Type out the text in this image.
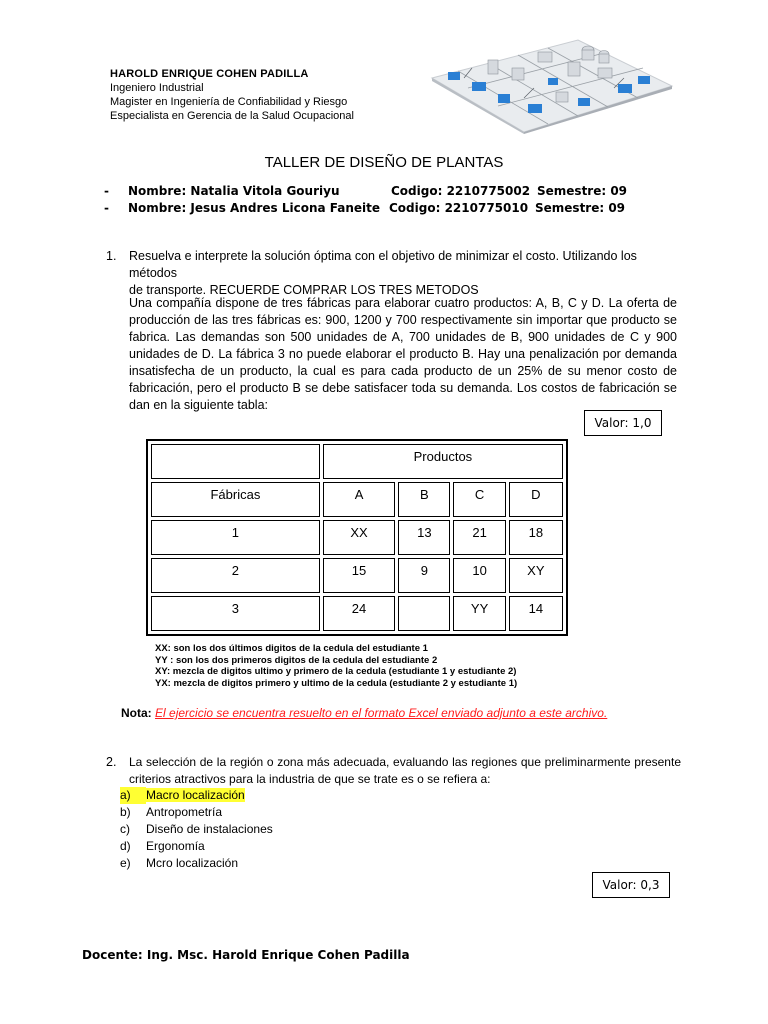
HAROLD ENRIQUE COHEN PADILLA
Ingeniero Industrial
Magister en Ingeniería de Confiabilidad y Riesgo
Especialista en Gerencia de la Salud Ocupacional
TALLER DE DISEÑO DE PLANTAS
- Nombre: Natalia Vitola Gouriyu	Codigo: 2210775002 Semestre: 09
- Nombre: Jesus Andres Licona Faneite Codigo: 2210775010 Semestre: 09
1. Resuelva e interprete la solución óptima con el objetivo de minimizar el costo. Utilizando los métodos
de transporte. RECUERDE COMPRAR LOS TRES METODOS
Una compañía dispone de tres fábricas para elaborar cuatro productos: A, B, C y D. La oferta de producción de las tres fábricas es: 900, 1200 y 700 respectivamente sin importar que producto se fabrica. Las demandas son 500 unidades de A, 700 unidades de B, 900 unidades de C y 900 unidades de D. La fábrica 3 no puede elaborar el producto B. Hay una penalización por demanda insatisfecha de un producto, la cual es para cada producto de un 25% de su menor costo de fabricación, pero el producto B se debe satisfacer toda su demanda. Los costos de fabricación se dan en la siguiente tabla:
Valor: 1,0
	Productos			
Fábricas	A	B	C	D
1	XX	13	21	18
2	15	9	10	XY
3	24		YY	14
XX: son los dos últimos digitos de la cedula del estudiante 1
YY : son los dos primeros digitos de la cedula del estudiante 2
XY: mezcla de digitos ultimo y primero de la cedula (estudiante 1 y estudiante 2)
YX: mezcla de digitos primero y ultimo de la cedula (estudiante 2 y estudiante 1)
Nota: El ejercicio se encuentra resuelto en el formato Excel enviado adjunto a este archivo.
2. La selección de la región o zona más adecuada, evaluando las regiones que preliminarmente presente
criterios atractivos para la industria de que se trate es o se refiera a:
a) Macro localización
b) Antropometría
c) Diseño de instalaciones
d) Ergonomía
e) Mcro localización
Valor: 0,3
Docente: Ing. Msc. Harold Enrique Cohen Padilla
